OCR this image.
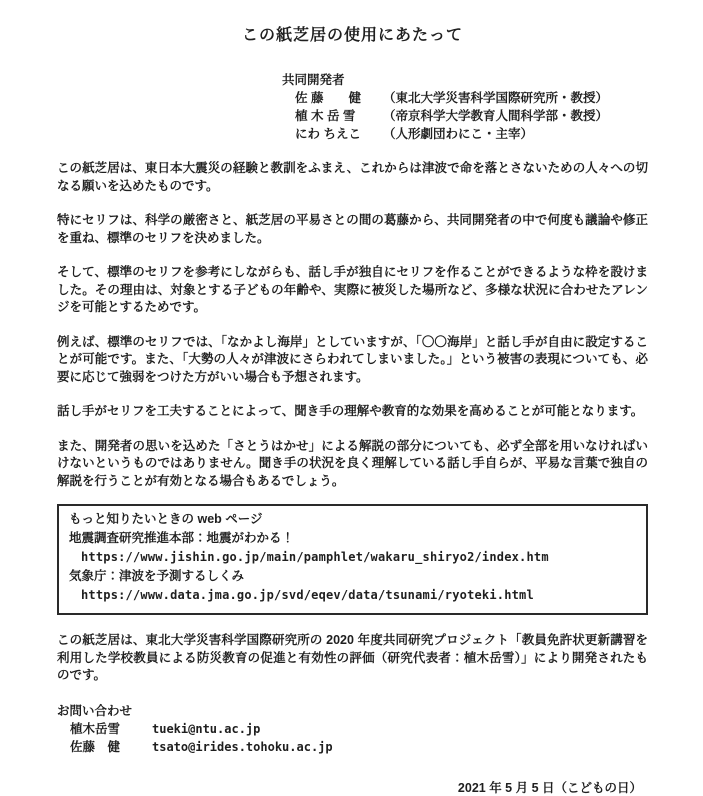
この紙芝居の使用にあたって
共同開発者
佐 藤　　健 （東北大学災害科学国際研究所・教授）
植 木 岳 雪 （帝京科学大学教育人間科学部・教授）
にわ ちえこ （人形劇団わにこ・主宰）

この紙芝居は、東日本大震災の経験と教訓をふまえ、これからは津波で命を落とさないための人々への切なる願いを込めたものです。

特にセリフは、科学の厳密さと、紙芝居の平易さとの間の葛藤から、共同開発者の中で何度も議論や修正を重ね、標準のセリフを決めました。

そして、標準のセリフを参考にしながらも、話し手が独自にセリフを作ることができるような枠を設けました。その理由は、対象とする子どもの年齢や、実際に被災した場所など、多様な状況に合わせたアレンジを可能とするためです。

例えば、標準のセリフでは、「なかよし海岸」としていますが、「〇〇海岸」と話し手が自由に設定することが可能です。また、「大勢の人々が津波にさらわれてしまいました。」という被害の表現についても、必要に応じて強弱をつけた方がいい場合も予想されます。

話し手がセリフを工夫することによって、聞き手の理解や教育的な効果を高めることが可能となります。

また、開発者の思いを込めた「さとうはかせ」による解説の部分についても、必ず全部を用いなければいけないというものではありません。聞き手の状況を良く理解している話し手自らが、平易な言葉で独自の解説を行うことが有効となる場合もあるでしょう。

もっと知りたいときの web ページ
地震調査研究推進本部：地震がわかる！
https://www.jishin.go.jp/main/pamphlet/wakaru_shiryo2/index.htm
気象庁：津波を予測するしくみ
https://www.data.jma.go.jp/svd/eqev/data/tsunami/ryoteki.html

この紙芝居は、東北大学災害科学国際研究所の 2020 年度共同研究プロジェクト「教員免許状更新講習を利用した学校教員による防災教育の促進と有効性の評価（研究代表者：植木岳雪）」により開発されたものです。

お問い合わせ
植木岳雪	tueki@ntu.ac.jp
佐藤　健	tsato@irides.tohoku.ac.jp
2021 年 5 月 5 日（こどもの日）
